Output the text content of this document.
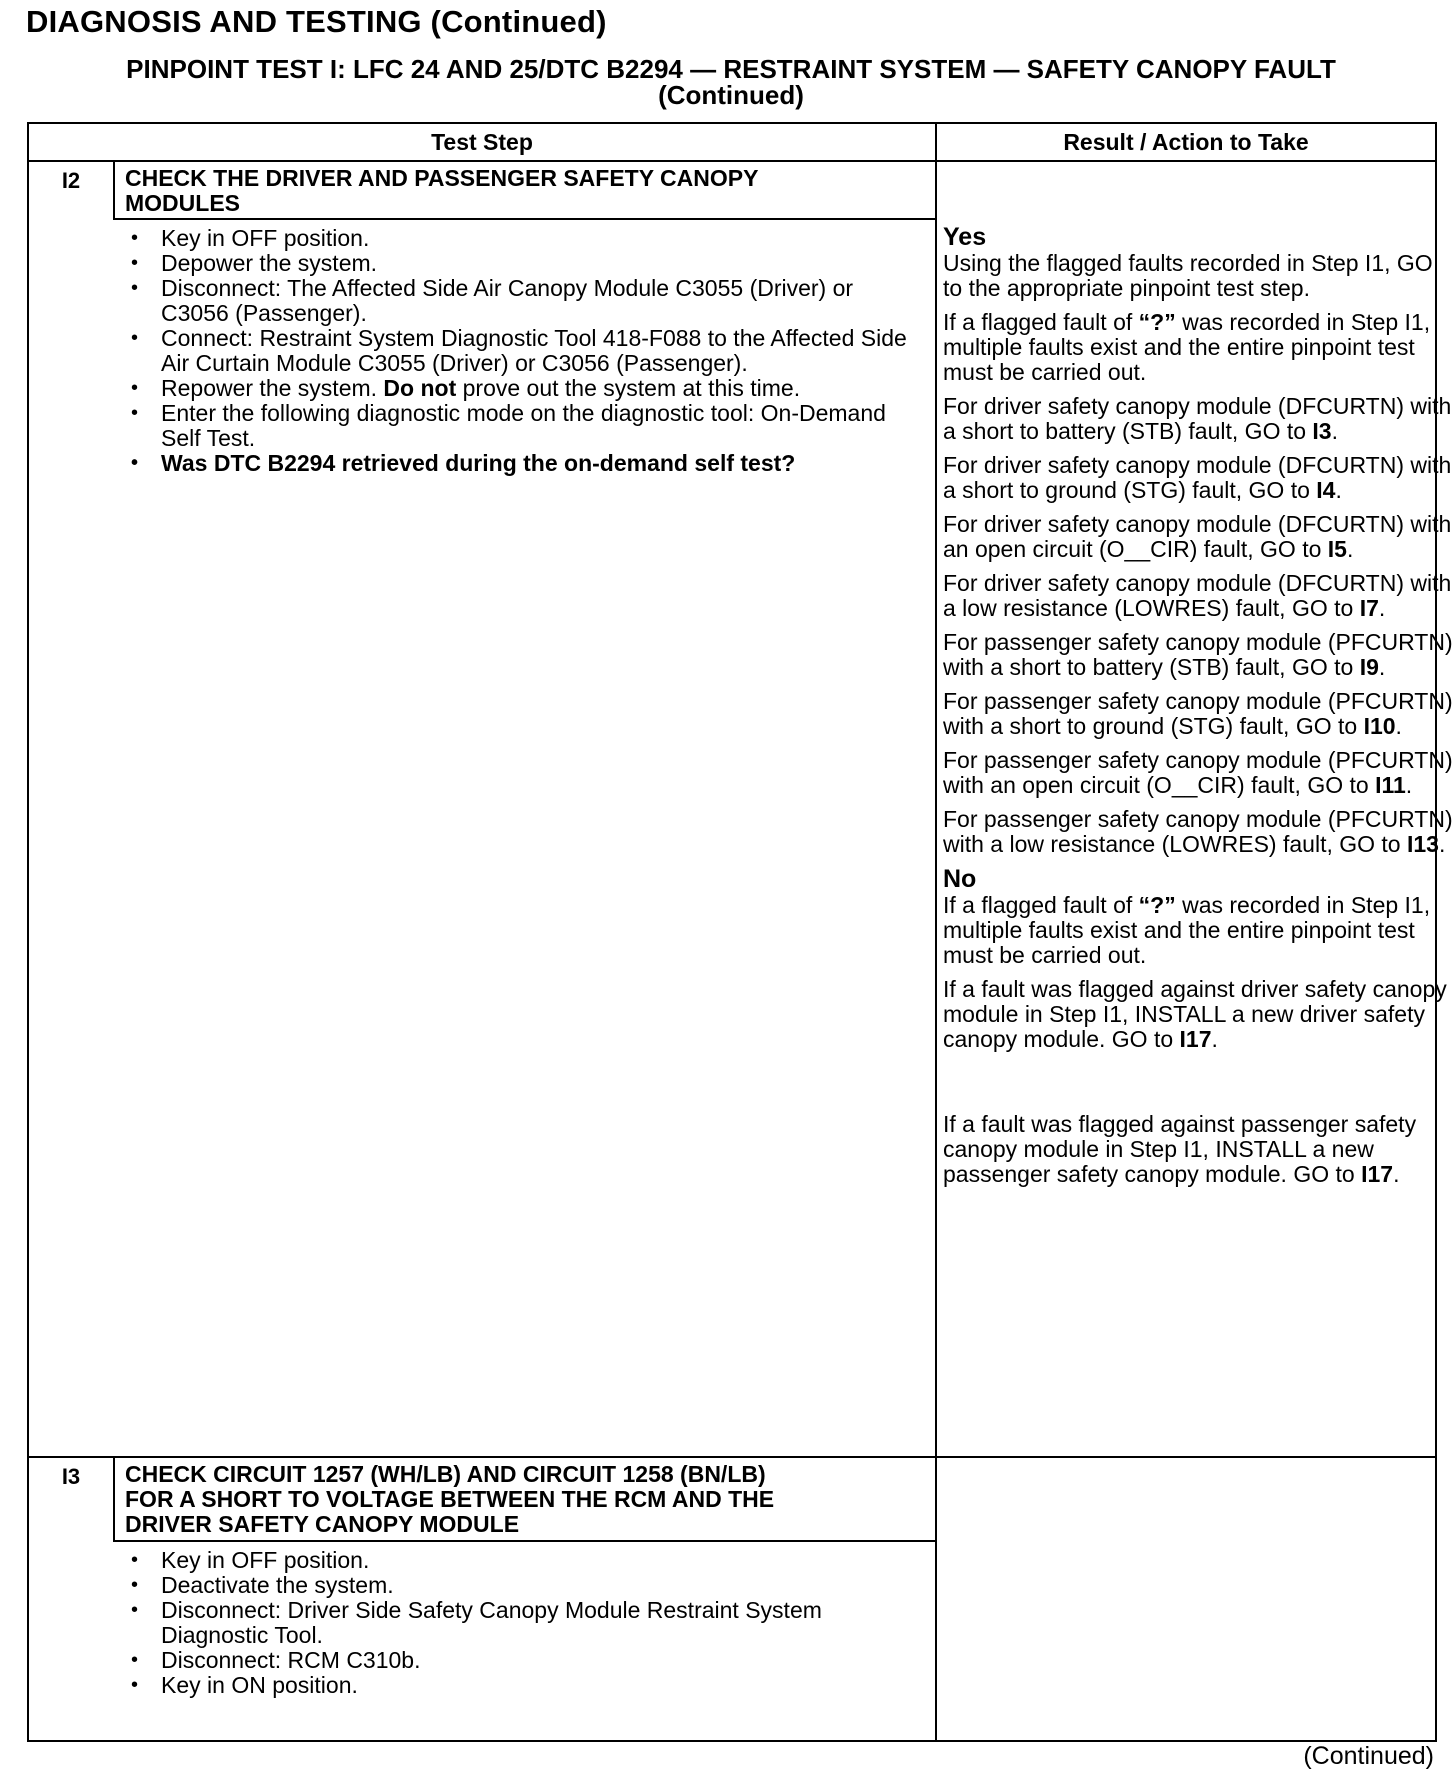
DIAGNOSIS AND TESTING (Continued)
PINPOINT TEST I: LFC 24 AND 25/DTC B2294 — RESTRAINT SYSTEM — SAFETY CANOPY FAULT
(Continued)
Test Step	Result / Action to Take
I2	CHECK THE DRIVER AND PASSENGER SAFETY CANOPY
MODULES
• Key in OFF position.
• Depower the system.
• Disconnect: The Affected Side Air Canopy Module C3055 (Driver) or C3056 (Passenger).
• Connect: Restraint System Diagnostic Tool 418-F088 to the Affected Side Air Curtain Module C3055 (Driver) or C3056 (Passenger).
• Repower the system. Do not prove out the system at this time.
• Enter the following diagnostic mode on the diagnostic tool: On-Demand Self Test.
• Was DTC B2294 retrieved during the on-demand self test?

Yes

Using the flagged faults recorded in Step I1, GO to the appropriate pinpoint test step.

If a flagged fault of “?” was recorded in Step I1, multiple faults exist and the entire pinpoint test must be carried out.

For driver safety canopy module (DFCURTN) with a short to battery (STB) fault, GO to I3.

For driver safety canopy module (DFCURTN) with a short to ground (STG) fault, GO to I4.

For driver safety canopy module (DFCURTN) with an open circuit (O__CIR) fault, GO to I5.

For driver safety canopy module (DFCURTN) with a low resistance (LOWRES) fault, GO to I7.

For passenger safety canopy module (PFCURTN) with a short to battery (STB) fault, GO to I9.

For passenger safety canopy module (PFCURTN) with a short to ground (STG) fault, GO to I10.

For passenger safety canopy module (PFCURTN) with an open circuit (O__CIR) fault, GO to I11.

For passenger safety canopy module (PFCURTN) with a low resistance (LOWRES) fault, GO to I13.

No

If a flagged fault of “?” was recorded in Step I1, multiple faults exist and the entire pinpoint test must be carried out.

If a fault was flagged against driver safety canopy module in Step I1, INSTALL a new driver safety canopy module. GO to I17.

If a fault was flagged against passenger safety canopy module in Step I1, INSTALL a new passenger safety canopy module. GO to I17.

I3	CHECK CIRCUIT 1257 (WH/LB) AND CIRCUIT 1258 (BN/LB)
FOR A SHORT TO VOLTAGE BETWEEN THE RCM AND THE
DRIVER SAFETY CANOPY MODULE
• Key in OFF position.
• Deactivate the system.
• Disconnect: Driver Side Safety Canopy Module Restraint System Diagnostic Tool.
• Disconnect: RCM C310b.
• Key in ON position.
(Continued)
